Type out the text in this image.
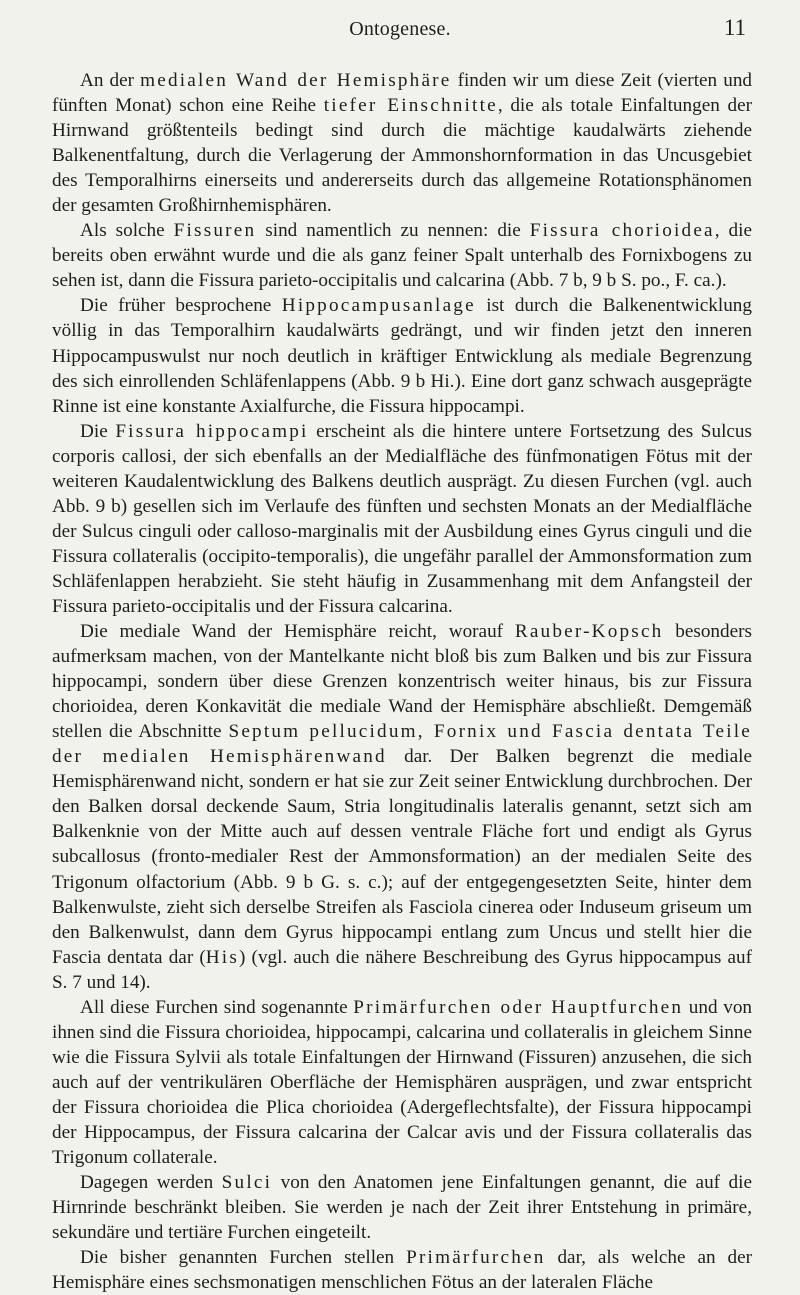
Ontogenese.	11

An der medialen Wand der Hemisphäre finden wir um diese Zeit (vierten und fünften Monat) schon eine Reihe tiefer Einschnitte, die als totale Einfaltungen der Hirnwand größtenteils bedingt sind durch die mächtige kaudalwärts ziehende Balkenentfaltung, durch die Verlagerung der Ammonshornformation in das Uncusgebiet des Temporalhirns einerseits und andererseits durch das allgemeine Rotationsphänomen der gesamten Großhirnhemisphären.

Als solche Fissuren sind namentlich zu nennen: die Fissura chorioidea, die bereits oben erwähnt wurde und die als ganz feiner Spalt unterhalb des Fornixbogens zu sehen ist, dann die Fissura parieto-occipitalis und calcarina (Abb. 7 b, 9 b S. po., F. ca.).

Die früher besprochene Hippocampusanlage ist durch die Balkenentwicklung völlig in das Temporalhirn kaudalwärts gedrängt, und wir finden jetzt den inneren Hippocampuswulst nur noch deutlich in kräftiger Entwicklung als mediale Begrenzung des sich einrollenden Schläfenlappens (Abb. 9 b Hi.). Eine dort ganz schwach ausgeprägte Rinne ist eine konstante Axialfurche, die Fissura hippocampi.

Die Fissura hippocampi erscheint als die hintere untere Fortsetzung des Sulcus corporis callosi, der sich ebenfalls an der Medialfläche des fünfmonatigen Fötus mit der weiteren Kaudalentwicklung des Balkens deutlich ausprägt. Zu diesen Furchen (vgl. auch Abb. 9 b) gesellen sich im Verlaufe des fünften und sechsten Monats an der Medialfläche der Sulcus cinguli oder calloso-marginalis mit der Ausbildung eines Gyrus cinguli und die Fissura collateralis (occipito-temporalis), die ungefähr parallel der Ammonsformation zum Schläfenlappen herabzieht. Sie steht häufig in Zusammenhang mit dem Anfangsteil der Fissura parieto-occipitalis und der Fissura calcarina.

Die mediale Wand der Hemisphäre reicht, worauf Rauber-Kopsch besonders aufmerksam machen, von der Mantelkante nicht bloß bis zum Balken und bis zur Fissura hippocampi, sondern über diese Grenzen konzentrisch weiter hinaus, bis zur Fissura chorioidea, deren Konkavität die mediale Wand der Hemisphäre abschließt. Demgemäß stellen die Abschnitte Septum pellucidum, Fornix und Fascia dentata Teile der medialen Hemisphärenwand dar. Der Balken begrenzt die mediale Hemisphärenwand nicht, sondern er hat sie zur Zeit seiner Entwicklung durchbrochen. Der den Balken dorsal deckende Saum, Stria longitudinalis lateralis genannt, setzt sich am Balkenknie von der Mitte auch auf dessen ventrale Fläche fort und endigt als Gyrus subcallosus (fronto-medialer Rest der Ammonsformation) an der medialen Seite des Trigonum olfactorium (Abb. 9 b G. s. c.); auf der entgegengesetzten Seite, hinter dem Balkenwulste, zieht sich derselbe Streifen als Fasciola cinerea oder Induseum griseum um den Balkenwulst, dann dem Gyrus hippocampi entlang zum Uncus und stellt hier die Fascia dentata dar (His) (vgl. auch die nähere Beschreibung des Gyrus hippocampus auf S. 7 und 14).

All diese Furchen sind sogenannte Primärfurchen oder Hauptfurchen und von ihnen sind die Fissura chorioidea, hippocampi, calcarina und collateralis in gleichem Sinne wie die Fissura Sylvii als totale Einfaltungen der Hirnwand (Fissuren) anzusehen, die sich auch auf der ventrikulären Oberfläche der Hemisphären ausprägen, und zwar entspricht der Fissura chorioidea die Plica chorioidea (Adergeflechtsfalte), der Fissura hippocampi der Hippocampus, der Fissura calcarina der Calcar avis und der Fissura collateralis das Trigonum collaterale.

Dagegen werden Sulci von den Anatomen jene Einfaltungen genannt, die auf die Hirnrinde beschränkt bleiben. Sie werden je nach der Zeit ihrer Entstehung in primäre, sekundäre und tertiäre Furchen eingeteilt.

Die bisher genannten Furchen stellen Primärfurchen dar, als welche an der Hemisphäre eines sechsmonatigen menschlichen Fötus an der lateralen Fläche
